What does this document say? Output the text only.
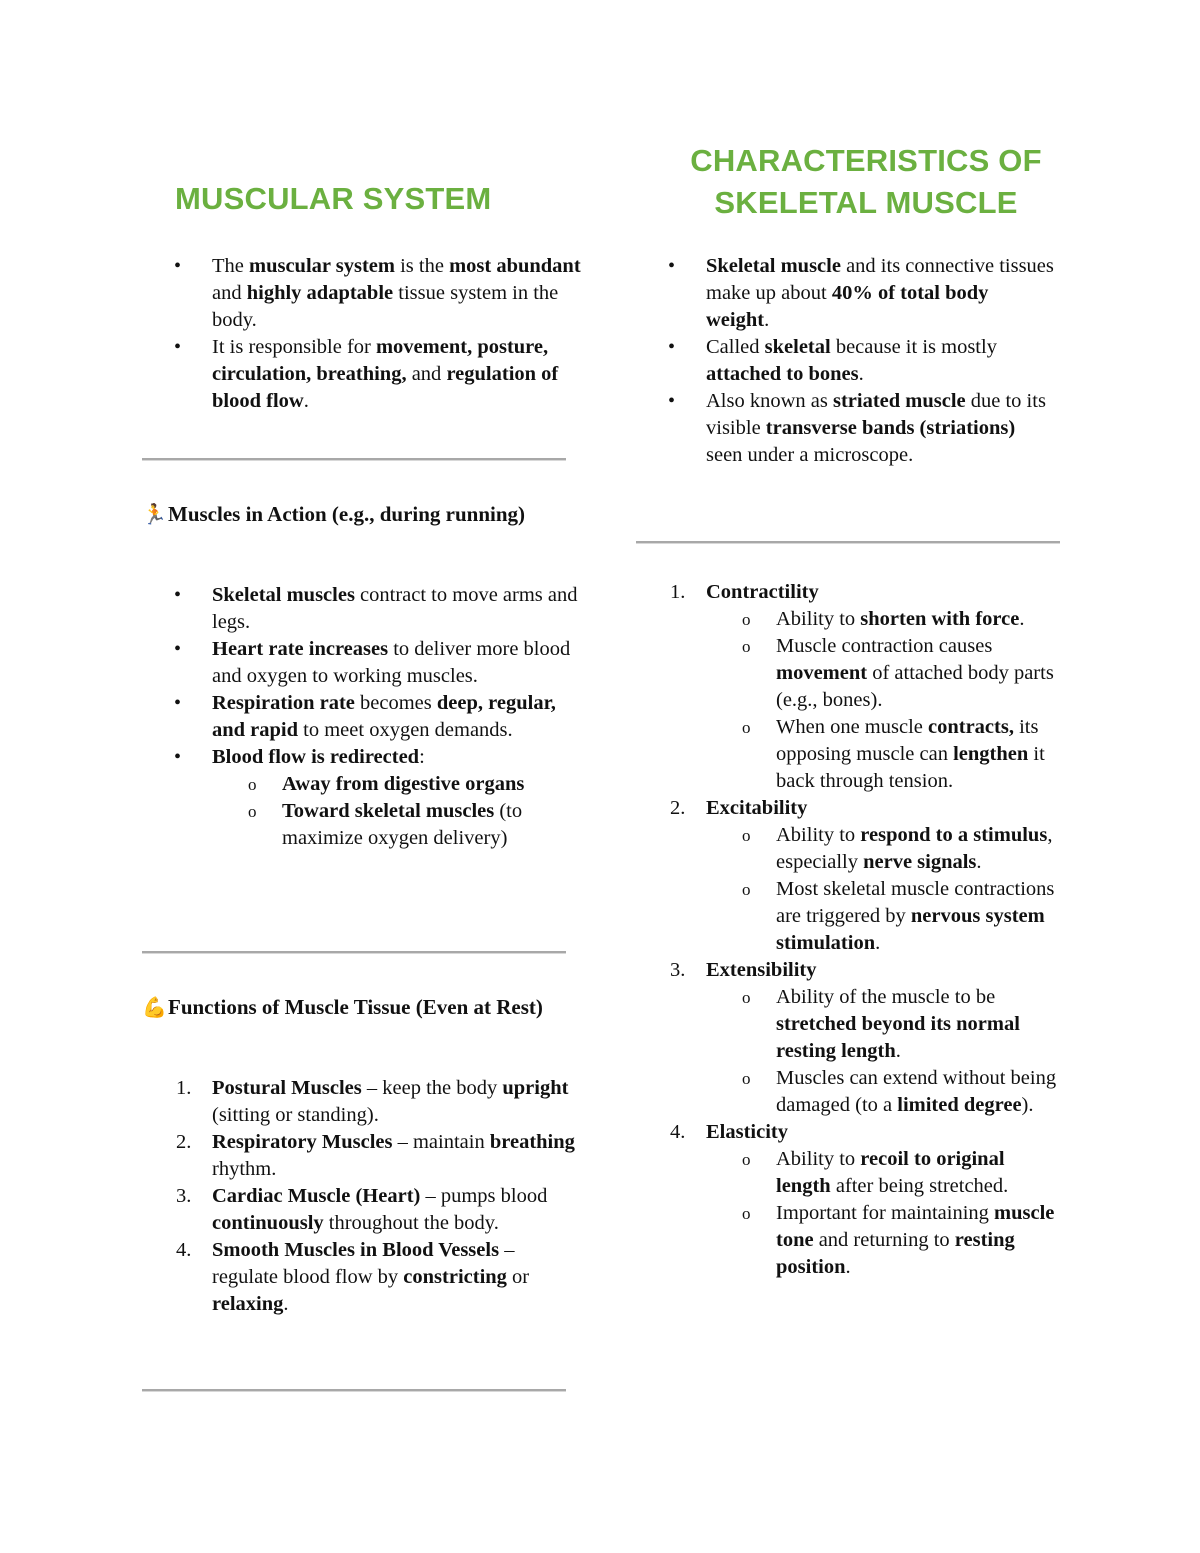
MUSCULAR SYSTEM
• The muscular system is the most abundant and highly adaptable tissue system in the body.
• It is responsible for movement, posture, circulation, breathing, and regulation of blood flow.
🏃Muscles in Action (e.g., during running)
• Skeletal muscles contract to move arms and legs.
• Heart rate increases to deliver more blood and oxygen to working muscles.
• Respiration rate becomes deep, regular, and rapid to meet oxygen demands.
• Blood flow is redirected:
o Away from digestive organs
o Toward skeletal muscles (to maximize oxygen delivery)
💪Functions of Muscle Tissue (Even at Rest)
1. Postural Muscles – keep the body upright (sitting or standing).
2. Respiratory Muscles – maintain breathing rhythm.
3. Cardiac Muscle (Heart) – pumps blood continuously throughout the body.
4. Smooth Muscles in Blood Vessels – regulate blood flow by constricting or relaxing.
CHARACTERISTICS OF
SKELETAL MUSCLE
• Skeletal muscle and its connective tissues make up about 40% of total body weight.
• Called skeletal because it is mostly attached to bones.
• Also known as striated muscle due to its visible transverse bands (striations) seen under a microscope.
1. Contractility
o Ability to shorten with force.
o Muscle contraction causes movement of attached body parts (e.g., bones).
o When one muscle contracts, its opposing muscle can lengthen it back through tension.
2. Excitability
o Ability to respond to a stimulus, especially nerve signals.
o Most skeletal muscle contractions are triggered by nervous system stimulation.
3. Extensibility
o Ability of the muscle to be stretched beyond its normal resting length.
o Muscles can extend without being damaged (to a limited degree).
4. Elasticity
o Ability to recoil to original length after being stretched.
o Important for maintaining muscle tone and returning to resting position.
